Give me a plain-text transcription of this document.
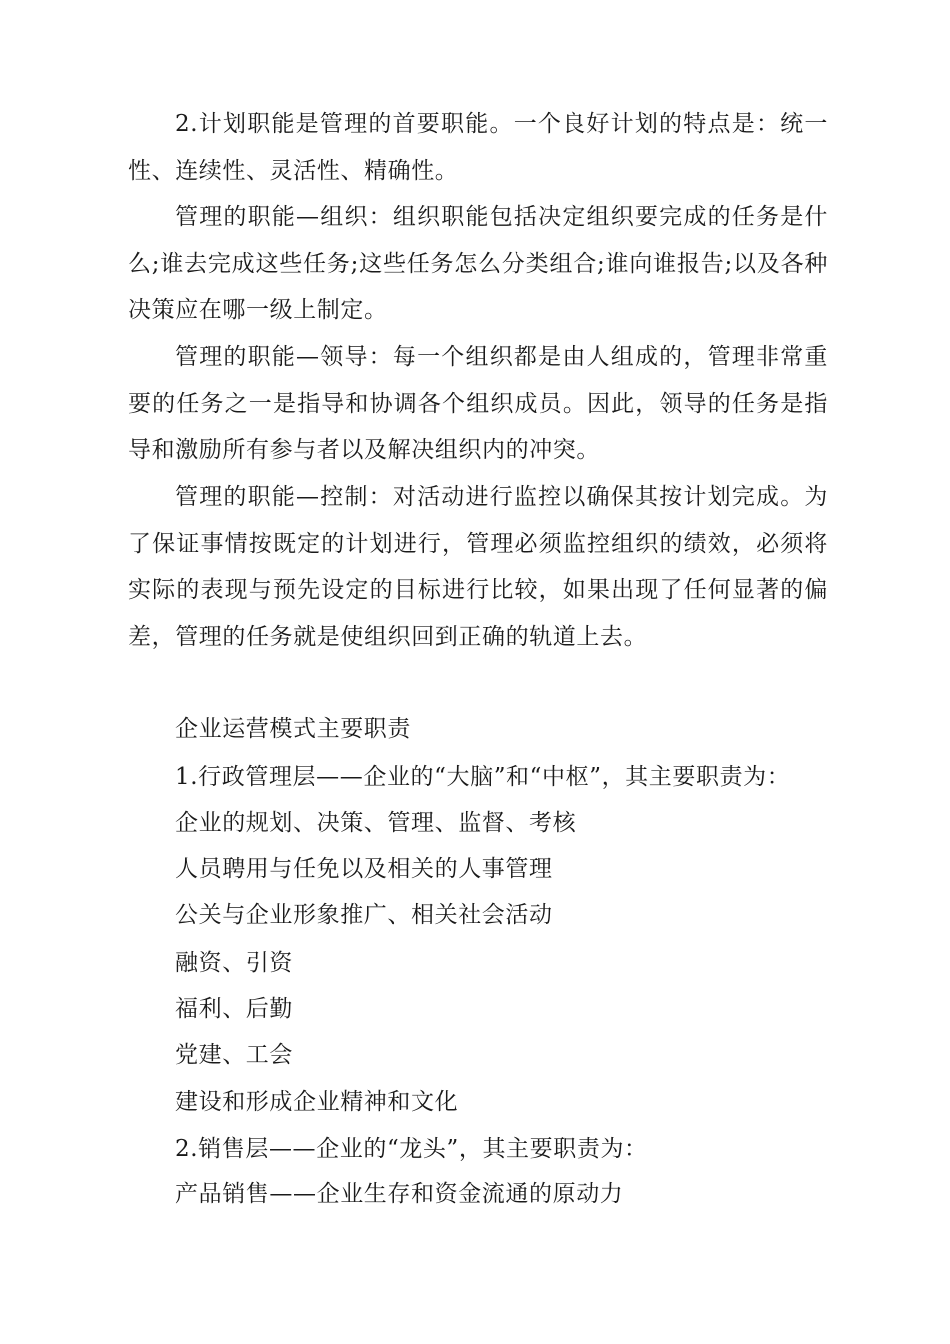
2.计划职能是管理的首要职能。一个良好计划的特点是：统一性、连续性、灵活性、精确性。

管理的职能—组织：组织职能包括决定组织要完成的任务是什么;谁去完成这些任务;这些任务怎么分类组合;谁向谁报告;以及各种决策应在哪一级上制定。

管理的职能—领导：每一个组织都是由人组成的，管理非常重要的任务之一是指导和协调各个组织成员。因此，领导的任务是指导和激励所有参与者以及解决组织内的冲突。

管理的职能—控制：对活动进行监控以确保其按计划完成。为了保证事情按既定的计划进行，管理必须监控组织的绩效，必须将实际的表现与预先设定的目标进行比较，如果出现了任何显著的偏差，管理的任务就是使组织回到正确的轨道上去。

企业运营模式主要职责

1.行政管理层——企业的“大脑”和“中枢”，其主要职责为：

企业的规划、决策、管理、监督、考核

人员聘用与任免以及相关的人事管理

公关与企业形象推广、相关社会活动

融资、引资

福利、后勤

党建、工会

建设和形成企业精神和文化

2.销售层——企业的“龙头”，其主要职责为：

产品销售——企业生存和资金流通的原动力
